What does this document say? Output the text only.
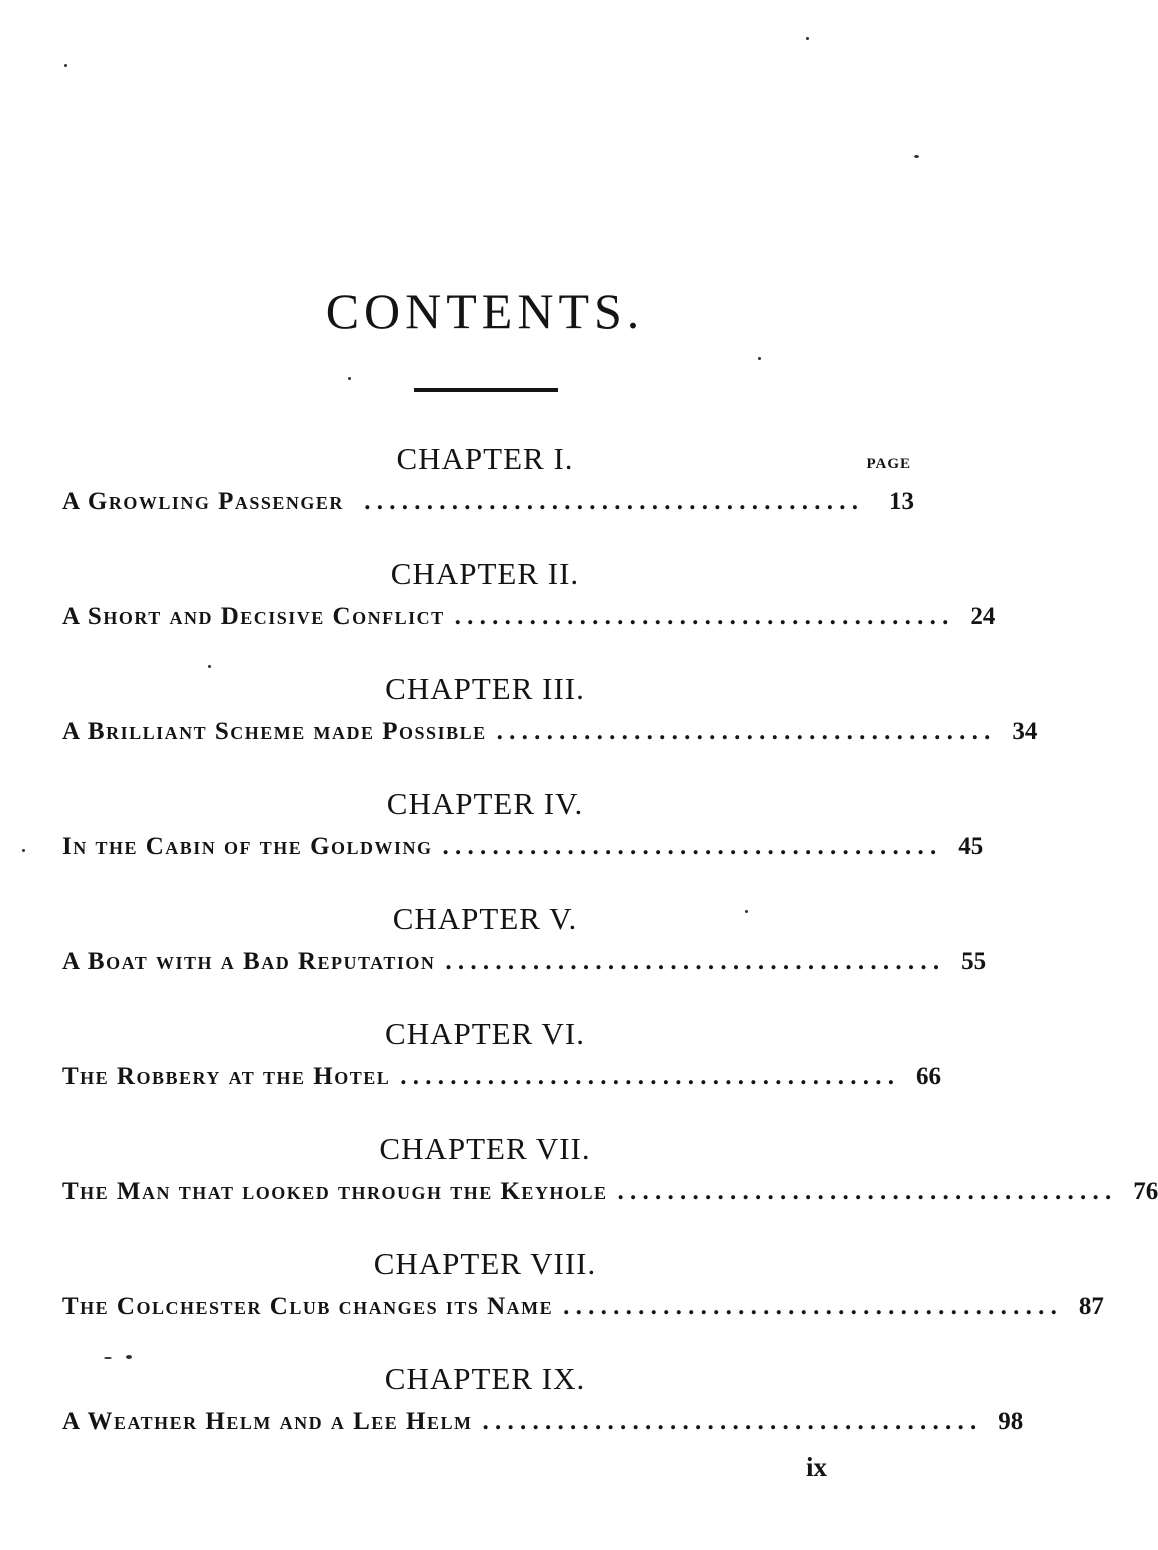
CONTENTS.
PAGE
CHAPTER I.
A Growling Passenger . . . . . . . . . . . . . . . . . . . . . . . . . . . . . . . . . . . . . . . .	13
CHAPTER II.
A Short and Decisive Conflict . . . . . . . . . . . . . . . . . . . . . . . . . . . . . . . . . . . . . . . . 24
CHAPTER III.
A Brilliant Scheme made Possible . . . . . . . . . . . . . . . . . . . . . . . . . . . . . . . . . . . . . . . . 34
CHAPTER IV.
In the Cabin of the Goldwing . . . . . . . . . . . . . . . . . . . . . . . . . . . . . . . . . . . . . . . . 45
CHAPTER V.
A Boat with a Bad Reputation . . . . . . . . . . . . . . . . . . . . . . . . . . . . . . . . . . . . . . . . 55
CHAPTER VI.
The Robbery at the Hotel . . . . . . . . . . . . . . . . . . . . . . . . . . . . . . . . . . . . . . . . 66
CHAPTER VII.
The Man that looked through the Keyhole . . . . . . . . . . . . . . . . . . . . . . . . . . . . . . . . . . . . . . . . 76
CHAPTER VIII.
The Colchester Club changes its Name . . . . . . . . . . . . . . . . . . . . . . . . . . . . . . . . . . . . . . . . 87
CHAPTER IX.
A Weather Helm and a Lee Helm . . . . . . . . . . . . . . . . . . . . . . . . . . . . . . . . . . . . . . . . 98
ix
